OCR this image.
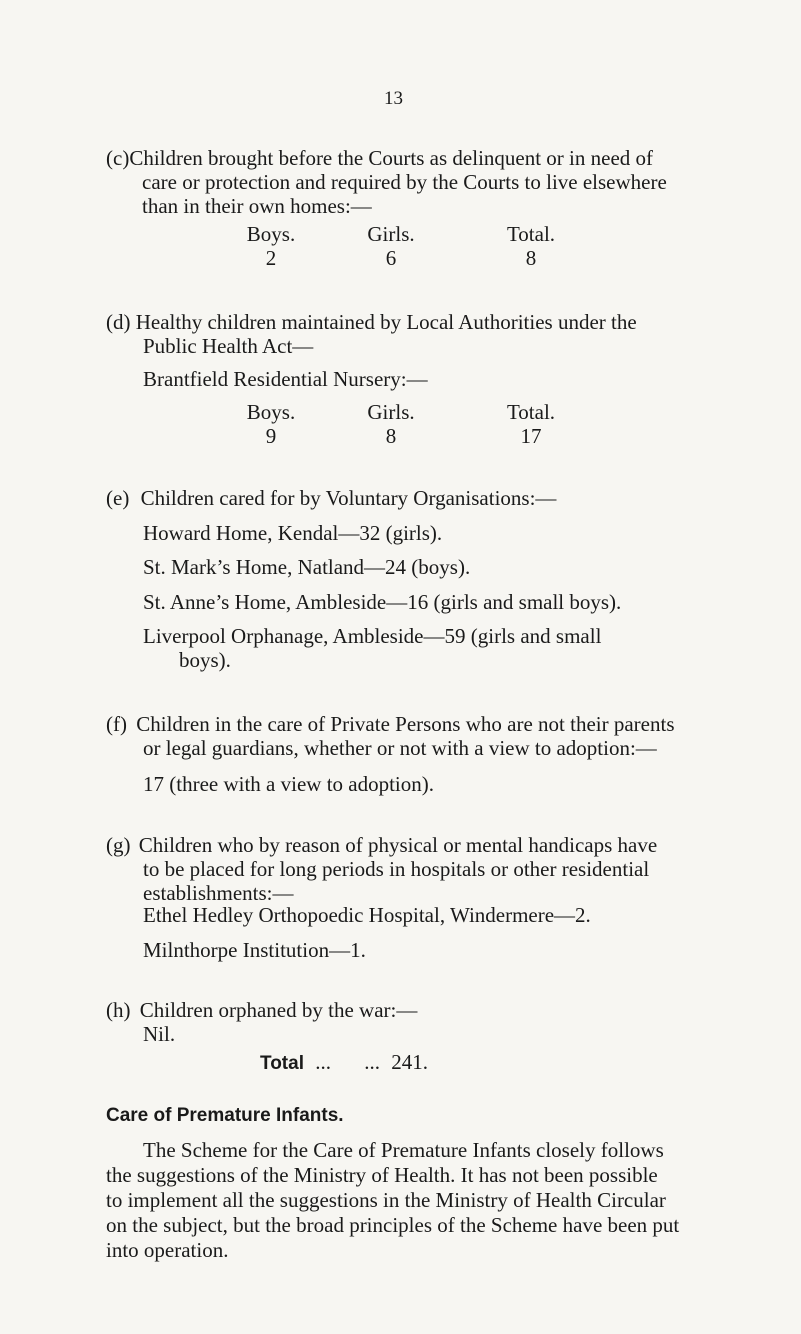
13
(c)Children brought before the Courts as delinquent or in need of
care or protection and required by the Courts to live elsewhere
than in their own homes:—
Boys.	Girls.	Total.
2	6	8
(d) Healthy children maintained by Local Authorities under the
Public Health Act—
Brantfield Residential Nursery:—
Boys.	Girls.	Total.
9	8	17
(e) Children cared for by Voluntary Organisations:—
Howard Home, Kendal—32 (girls).
St. Mark’s Home, Natland—24 (boys).
St. Anne’s Home, Ambleside—16 (girls and small boys).
Liverpool Orphanage, Ambleside—59 (girls and small
boys).
(f) Children in the care of Private Persons who are not their parents
or legal guardians, whether or not with a view to adoption:—
17 (three with a view to adoption).
(g) Children who by reason of physical or mental handicaps have
to be placed for long periods in hospitals or other residential
establishments:—
Ethel Hedley Orthopoedic Hospital, Windermere—2.
Milnthorpe Institution—1.
(h) Children orphaned by the war:—
Nil.
Total ... ... 241.
Care of Premature Infants.
The Scheme for the Care of Premature Infants closely follows
the suggestions of the Ministry of Health. It has not been possible
to implement all the suggestions in the Ministry of Health Circular
on the subject, but the broad principles of the Scheme have been put
into operation.
